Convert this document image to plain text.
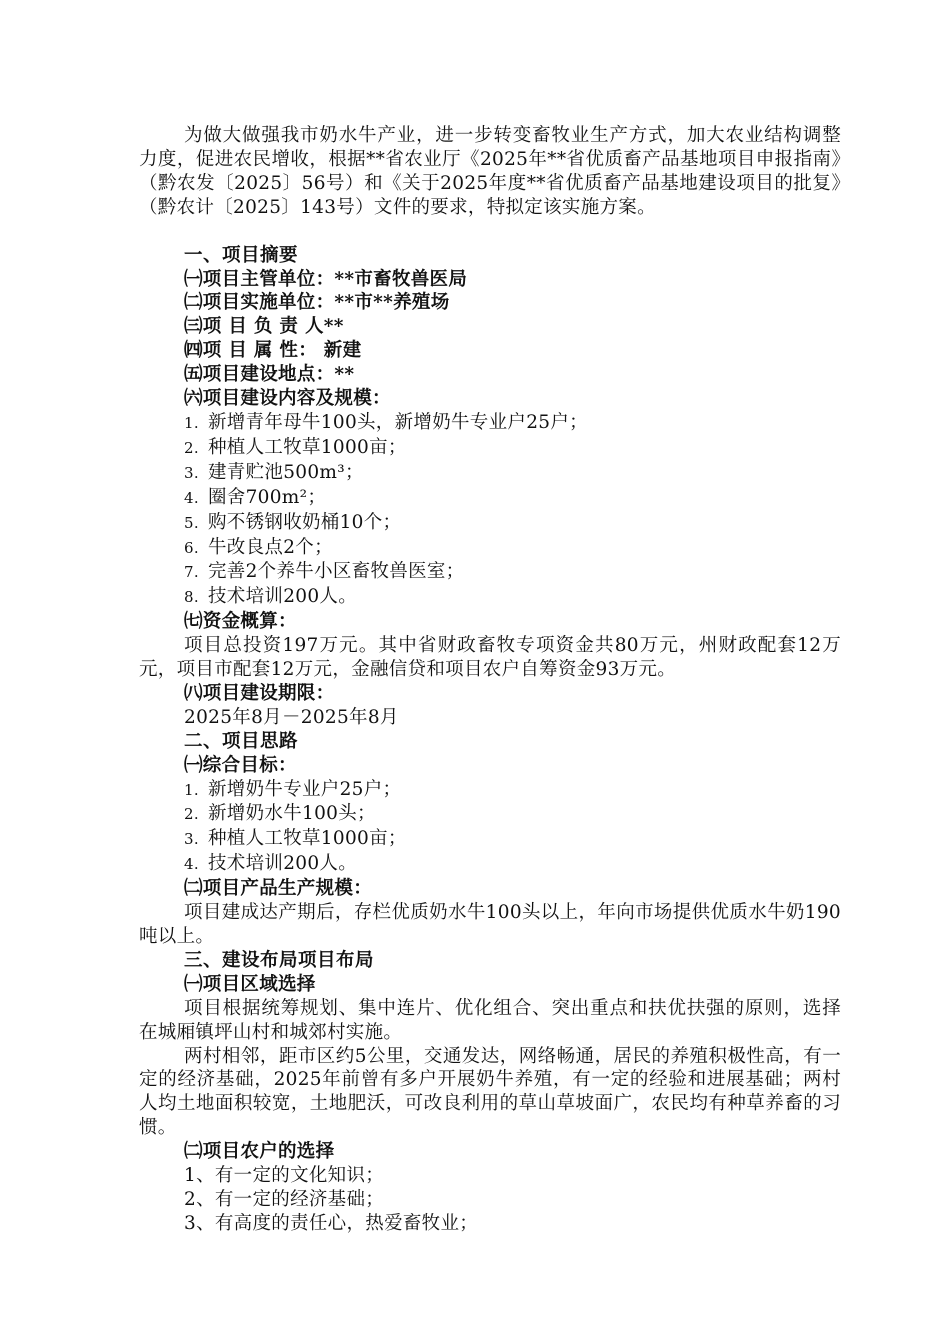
为做大做强我市奶水牛产业，进一步转变畜牧业生产方式，加大农业结构调整力度，促进农民增收，根据**省农业厅《2025年**省优质畜产品基地项目申报指南》（黔农发〔2025〕56号）和《关于2025年度**省优质畜产品基地建设项目的批复》（黔农计〔2025〕143号）文件的要求，特拟定该实施方案。

一、项目摘要

㈠项目主管单位：**市畜牧兽医局

㈡项目实施单位：**市**养殖场

㈢项 目 负 责 人**

㈣项 目 属 性： 新建

㈤项目建设地点：**

㈥项目建设内容及规模：

1. 新增青年母牛100头，新增奶牛专业户25户；

2. 种植人工牧草1000亩；

3. 建青贮池500m³；

4. 圈舍700m²；

5. 购不锈钢收奶桶10个；

6. 牛改良点2个；

7. 完善2个养牛小区畜牧兽医室；

8. 技术培训200人。

㈦资金概算：

项目总投资197万元。其中省财政畜牧专项资金共80万元，州财政配套12万元，项目市配套12万元，金融信贷和项目农户自筹资金93万元。

㈧项目建设期限：

2025年8月－2025年8月

二、项目思路

㈠综合目标：

1. 新增奶牛专业户25户；

2. 新增奶水牛100头；

3. 种植人工牧草1000亩；

4. 技术培训200人。

㈡项目产品生产规模：

项目建成达产期后，存栏优质奶水牛100头以上，年向市场提供优质水牛奶190吨以上。

三、建设布局项目布局

㈠项目区域选择

项目根据统筹规划、集中连片、优化组合、突出重点和扶优扶强的原则，选择在城厢镇坪山村和城郊村实施。

两村相邻，距市区约5公里，交通发达，网络畅通，居民的养殖积极性高，有一定的经济基础，2025年前曾有多户开展奶牛养殖，有一定的经验和进展基础；两村人均土地面积较宽，土地肥沃，可改良利用的草山草坡面广，农民均有种草养畜的习惯。

㈡项目农户的选择

1、有一定的文化知识；

2、有一定的经济基础；

3、有高度的责任心，热爱畜牧业；
